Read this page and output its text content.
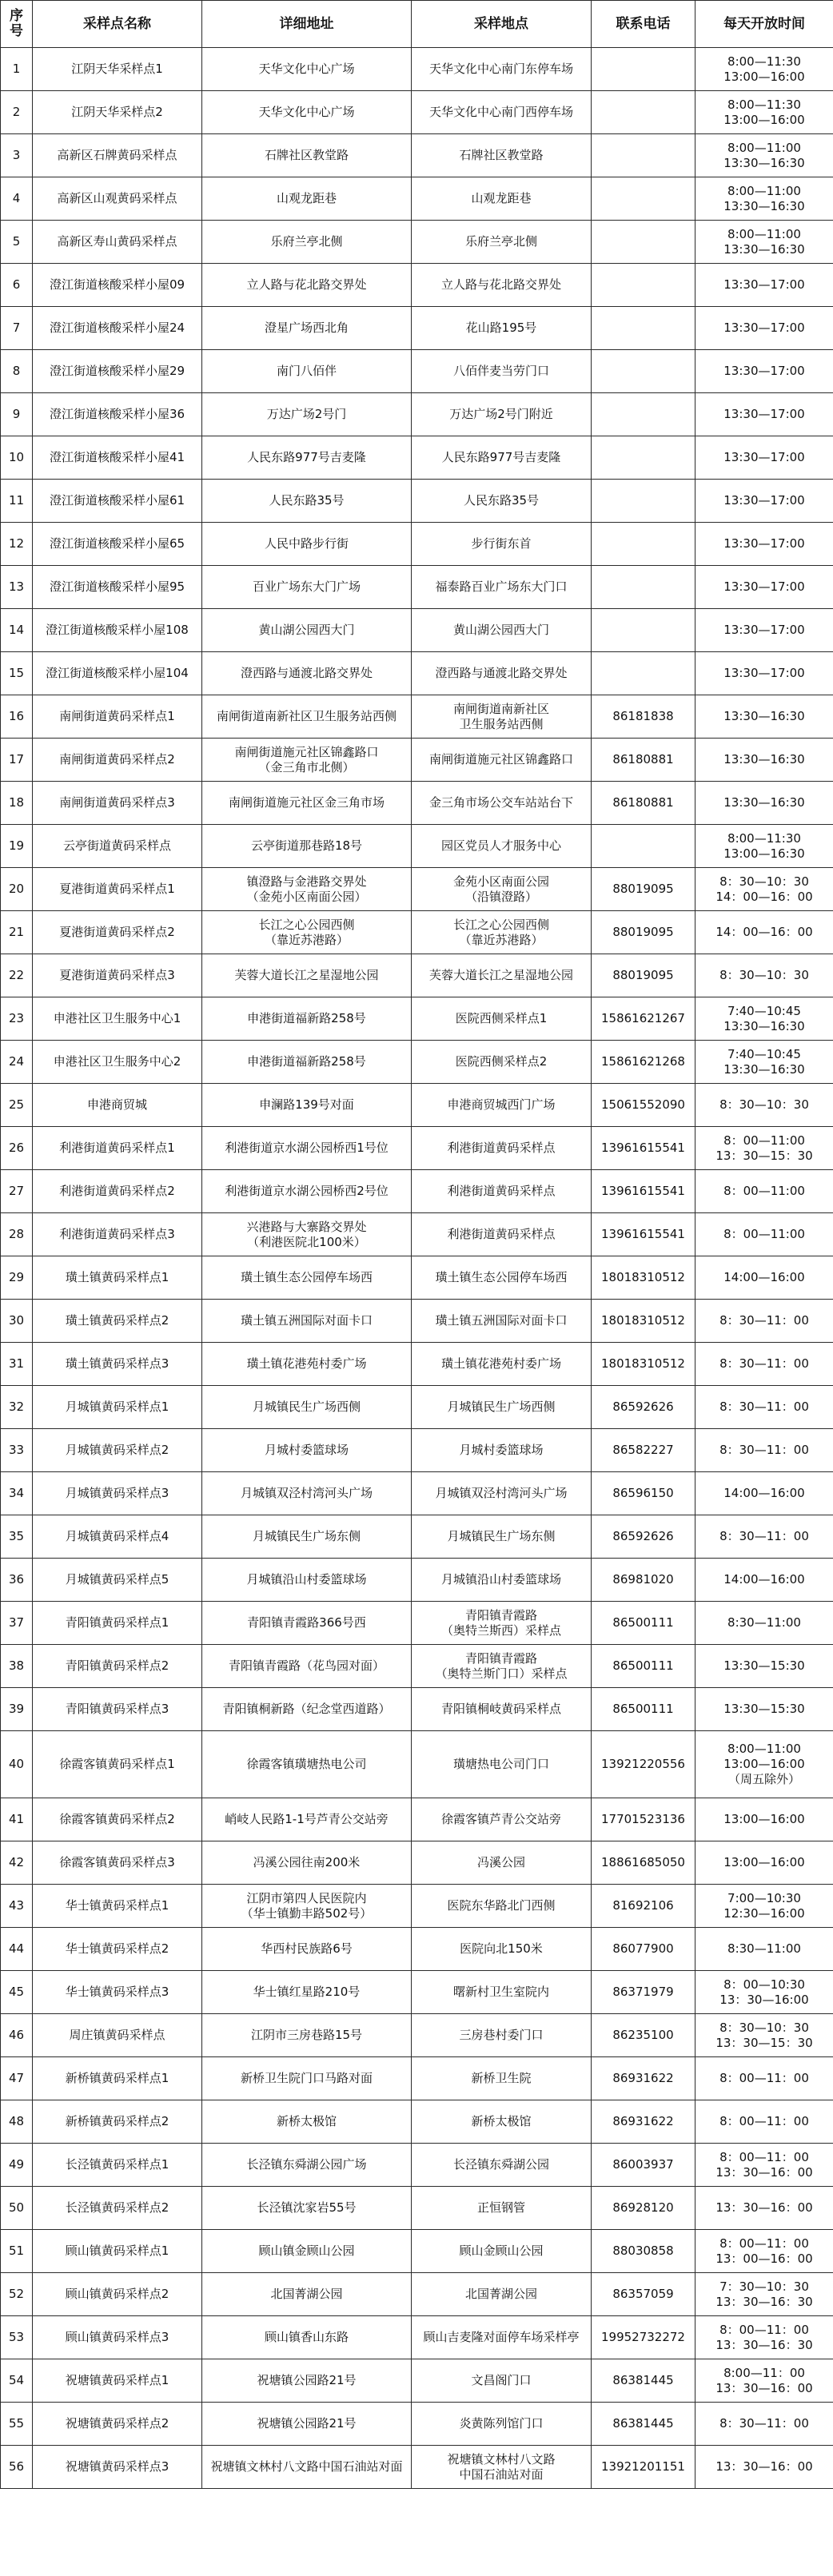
序号	采样点名称	详细地址	采样地点	联系电话	每天开放时间
1	江阴天华采样点1	天华文化中心广场	天华文化中心南门东停车场		8:00—11:30
13:00—16:00
2	江阴天华采样点2	天华文化中心广场	天华文化中心南门西停车场		8:00—11:30
13:00—16:00
3	高新区石牌黄码采样点	石牌社区教堂路	石牌社区教堂路		8:00—11:00
13:30—16:30
4	高新区山观黄码采样点	山观龙距巷	山观龙距巷		8:00—11:00
13:30—16:30
5	高新区寿山黄码采样点	乐府兰亭北侧	乐府兰亭北侧		8:00—11:00
13:30—16:30
6	澄江街道核酸采样小屋09	立人路与花北路交界处	立人路与花北路交界处		13:30—17:00
7	澄江街道核酸采样小屋24	澄星广场西北角	花山路195号		13:30—17:00
8	澄江街道核酸采样小屋29	南门八佰伴	八佰伴麦当劳门口		13:30—17:00
9	澄江街道核酸采样小屋36	万达广场2号门	万达广场2号门附近		13:30—17:00
10	澄江街道核酸采样小屋41	人民东路977号吉麦隆	人民东路977号吉麦隆		13:30—17:00
11	澄江街道核酸采样小屋61	人民东路35号	人民东路35号		13:30—17:00
12	澄江街道核酸采样小屋65	人民中路步行街	步行街东首		13:30—17:00
13	澄江街道核酸采样小屋95	百业广场东大门广场	福泰路百业广场东大门口		13:30—17:00
14	澄江街道核酸采样小屋108	黄山湖公园西大门	黄山湖公园西大门		13:30—17:00
15	澄江街道核酸采样小屋104	澄西路与通渡北路交界处	澄西路与通渡北路交界处		13:30—17:00
16	南闸街道黄码采样点1	南闸街道南新社区卫生服务站西侧	南闸街道南新社区
卫生服务站西侧	86181838	13:30—16:30
17	南闸街道黄码采样点2	南闸街道施元社区锦鑫路口
（金三角市北侧）	南闸街道施元社区锦鑫路口	86180881	13:30—16:30
18	南闸街道黄码采样点3	南闸街道施元社区金三角市场	金三角市场公交车站站台下	86180881	13:30—16:30
19	云亭街道黄码采样点	云亭街道那巷路18号	园区党员人才服务中心		8:00—11:30
13:00—16:30
20	夏港街道黄码采样点1	镇澄路与金港路交界处
（金苑小区南面公园）	金苑小区南面公园
（沿镇澄路）	88019095	8：30—10：30
14：00—16：00
21	夏港街道黄码采样点2	长江之心公园西侧
（靠近苏港路）	长江之心公园西侧
（靠近苏港路）	88019095	14：00—16：00
22	夏港街道黄码采样点3	芙蓉大道长江之星湿地公园	芙蓉大道长江之星湿地公园	88019095	8：30—10：30
23	申港社区卫生服务中心1	申港街道福新路258号	医院西侧采样点1	15861621267	7:40—10:45
13:30—16:30
24	申港社区卫生服务中心2	申港街道福新路258号	医院西侧采样点2	15861621268	7:40—10:45
13:30—16:30
25	申港商贸城	申澜路139号对面	申港商贸城西门广场	15061552090	8：30—10：30
26	利港街道黄码采样点1	利港街道京水湖公园桥西1号位	利港街道黄码采样点	13961615541	8：00—11:00
13：30—15：30
27	利港街道黄码采样点2	利港街道京水湖公园桥西2号位	利港街道黄码采样点	13961615541	8：00—11:00
28	利港街道黄码采样点3	兴港路与大寨路交界处
（利港医院北100米）	利港街道黄码采样点	13961615541	8：00—11:00
29	璜土镇黄码采样点1	璜土镇生态公园停车场西	璜土镇生态公园停车场西	18018310512	14:00—16:00
30	璜土镇黄码采样点2	璜土镇五洲国际对面卡口	璜土镇五洲国际对面卡口	18018310512	8：30—11：00
31	璜土镇黄码采样点3	璜土镇花港苑村委广场	璜土镇花港苑村委广场	18018310512	8：30—11：00
32	月城镇黄码采样点1	月城镇民生广场西侧	月城镇民生广场西侧	86592626	8：30—11：00
33	月城镇黄码采样点2	月城村委篮球场	月城村委篮球场	86582227	8：30—11：00
34	月城镇黄码采样点3	月城镇双泾村湾河头广场	月城镇双泾村湾河头广场	86596150	14:00—16:00
35	月城镇黄码采样点4	月城镇民生广场东侧	月城镇民生广场东侧	86592626	8：30—11：00
36	月城镇黄码采样点5	月城镇沿山村委篮球场	月城镇沿山村委篮球场	86981020	14:00—16:00
37	青阳镇黄码采样点1	青阳镇青霞路366号西	青阳镇青霞路
（奥特兰斯西）采样点	86500111	8:30—11:00
38	青阳镇黄码采样点2	青阳镇青霞路（花鸟园对面）	青阳镇青霞路
（奥特兰斯门口）采样点	86500111	13:30—15:30
39	青阳镇黄码采样点3	青阳镇桐新路（纪念堂西道路）	青阳镇桐岐黄码采样点	86500111	13:30—15:30
40	徐霞客镇黄码采样点1	徐霞客镇璜塘热电公司	璜塘热电公司门口	13921220556	8:00—11:00
13:00—16:00
（周五除外）
41	徐霞客镇黄码采样点2	峭岐人民路1-1号芦青公交站旁	徐霞客镇芦青公交站旁	17701523136	13:00—16:00
42	徐霞客镇黄码采样点3	冯溪公园往南200米	冯溪公园	18861685050	13:00—16:00
43	华士镇黄码采样点1	江阴市第四人民医院内
（华士镇勤丰路502号）	医院东华路北门西侧	81692106	7:00—10:30
12:30—16:00
44	华士镇黄码采样点2	华西村民族路6号	医院向北150米	86077900	8:30—11:00
45	华士镇黄码采样点3	华士镇红星路210号	曙新村卫生室院内	86371979	8：00—10:30
13：30—16:00
46	周庄镇黄码采样点	江阴市三房巷路15号	三房巷村委门口	86235100	8：30—10：30
13：30—15：30
47	新桥镇黄码采样点1	新桥卫生院门口马路对面	新桥卫生院	86931622	8：00—11：00
48	新桥镇黄码采样点2	新桥太极馆	新桥太极馆	86931622	8：00—11：00
49	长泾镇黄码采样点1	长泾镇东舜湖公园广场	长泾镇东舜湖公园	86003937	8：00—11：00
13：30—16：00
50	长泾镇黄码采样点2	长泾镇沈家岩55号	正恒钢管	86928120	13：30—16：00
51	顾山镇黄码采样点1	顾山镇金顾山公园	顾山金顾山公园	88030858	8：00—11：00
13：00—16：00
52	顾山镇黄码采样点2	北国菁湖公园	北国菁湖公园	86357059	7：30—10：30
13：30—16：30
53	顾山镇黄码采样点3	顾山镇香山东路	顾山吉麦隆对面停车场采样亭	19952732272	8：00—11：00
13：30—16：30
54	祝塘镇黄码采样点1	祝塘镇公园路21号	文昌阁门口	86381445	8:00—11：00
13：30—16：00
55	祝塘镇黄码采样点2	祝塘镇公园路21号	炎黄陈列馆门口	86381445	8：30—11：00
56	祝塘镇黄码采样点3	祝塘镇文林村八文路中国石油站对面	祝塘镇文林村八文路
中国石油站对面	13921201151	13：30—16：00
